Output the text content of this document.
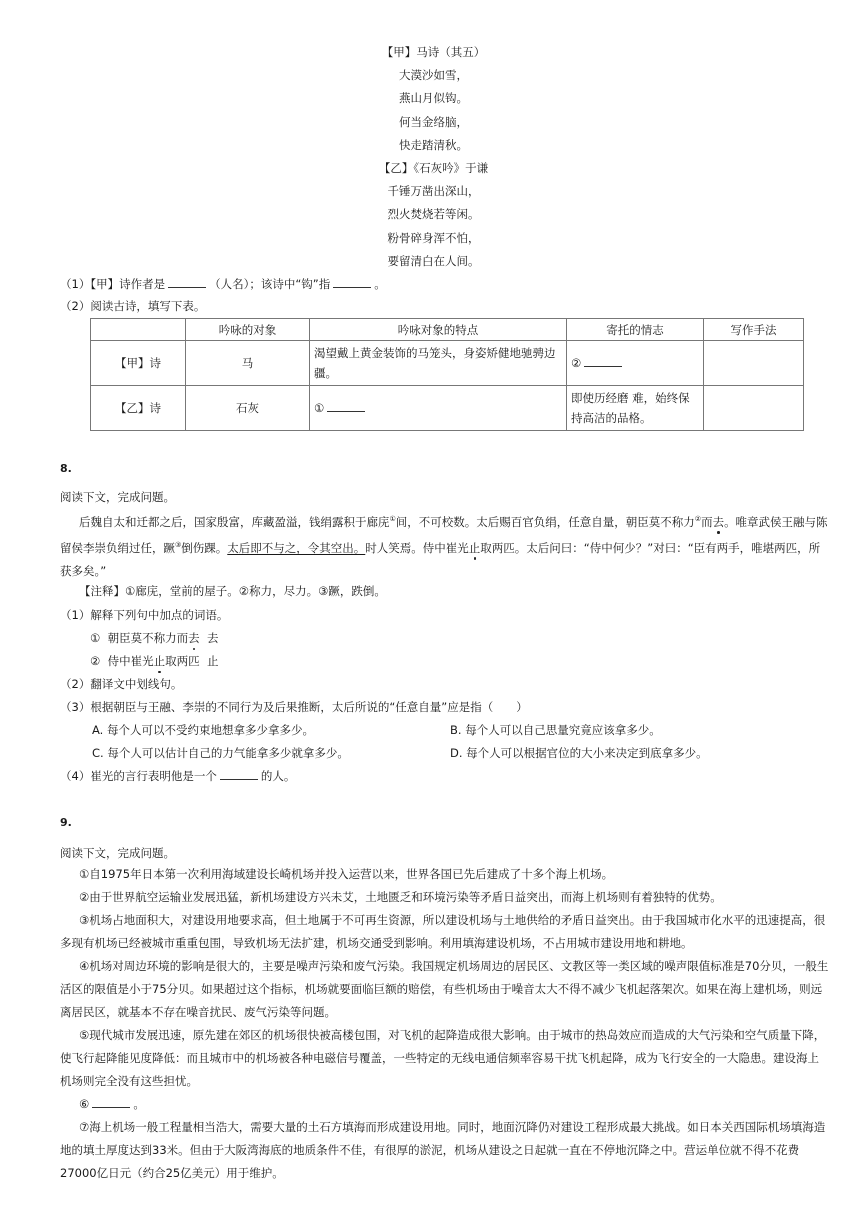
【甲】马诗（其五）
大漠沙如雪，
燕山月似钩。
何当金络脑，
快走踏清秋。
【乙】《石灰吟》于谦
千锤万凿出深山，
烈火焚烧若等闲。
粉骨碎身浑不怕，
要留清白在人间。
（1）【甲】诗作者是	（人名）；该诗中“钩”指	。
（2）阅读古诗，填写下表。
	吟咏的对象	吟咏对象的特点	寄托的情志	写作手法
【甲】诗	马	渴望戴上黄金装饰的马笼头，身姿矫健地驰骋边疆。	②	
【乙】诗	石灰	①	即使历经磨 难，始终保持高洁的品格。	
8.
阅读下文，完成问题。
后魏自太和迁都之后，国家殷富，库藏盈溢，钱绢露积于廊庑①间，不可校数。太后赐百官负绢，任意自量，朝臣莫不称力②而去。唯章武侯王融与陈留侯李崇负绢过任，蹶③倒伤踝。太后即不与之，令其空出。时人笑焉。侍中崔光止取两匹。太后问曰：“侍中何少？”对曰：“臣有两手，唯堪两匹，所获多矣。”
【注释】①廊庑，堂前的屋子。②称力，尽力。③蹶，跌倒。
（1）解释下列句中加点的词语。
① 朝臣莫不称力而去 去
② 侍中崔光止取两匹 止
（2）翻译文中划线句。
（3）根据朝臣与王融、李崇的不同行为及后果推断，太后所说的“任意自量”应是指（　　）
A. 每个人可以不受约束地想拿多少拿多少。	B. 每个人可以自己思量究竟应该拿多少。
C. 每个人可以估计自己的力气能拿多少就拿多少。	D. 每个人可以根据官位的大小来决定到底拿多少。
（4）崔光的言行表明他是一个	的人。
9.
阅读下文，完成问题。
①自1975年日本第一次利用海域建设长崎机场并投入运营以来，世界各国已先后建成了十多个海上机场。
②由于世界航空运输业发展迅猛，新机场建设方兴未艾，土地匮乏和环境污染等矛盾日益突出，而海上机场则有着独特的优势。
③机场占地面积大，对建设用地要求高，但土地属于不可再生资源，所以建设机场与土地供给的矛盾日益突出。由于我国城市化水平的迅速提高，很多现有机场已经被城市重重包围，导致机场无法扩建，机场交通受到影响。利用填海建设机场，不占用城市建设用地和耕地。
④机场对周边环境的影响是很大的，主要是噪声污染和废气污染。我国规定机场周边的居民区、文教区等一类区域的噪声限值标准是70分贝，一般生活区的限值是小于75分贝。如果超过这个指标，机场就要面临巨额的赔偿，有些机场由于噪音太大不得不减少飞机起落架次。如果在海上建机场，则远离居民区，就基本不存在噪音扰民、废气污染等问题。
⑤现代城市发展迅速，原先建在郊区的机场很快被高楼包围，对飞机的起降造成很大影响。由于城市的热岛效应而造成的大气污染和空气质量下降，使飞行起降能见度降低：而且城市中的机场被各种电磁信号覆盖，一些特定的无线电通信频率容易干扰飞机起降，成为飞行安全的一大隐患。建设海上机场则完全没有这些担忧。
⑥	。
⑦海上机场一般工程量相当浩大，需要大量的土石方填海而形成建设用地。同时，地面沉降仍对建设工程形成最大挑战。如日本关西国际机场填海造地的填土厚度达到33米。但由于大阪湾海底的地质条件不佳，有很厚的淤泥，机场从建设之日起就一直在不停地沉降之中。营运单位就不得不花费27000亿日元（约合25亿美元）用于维护。
